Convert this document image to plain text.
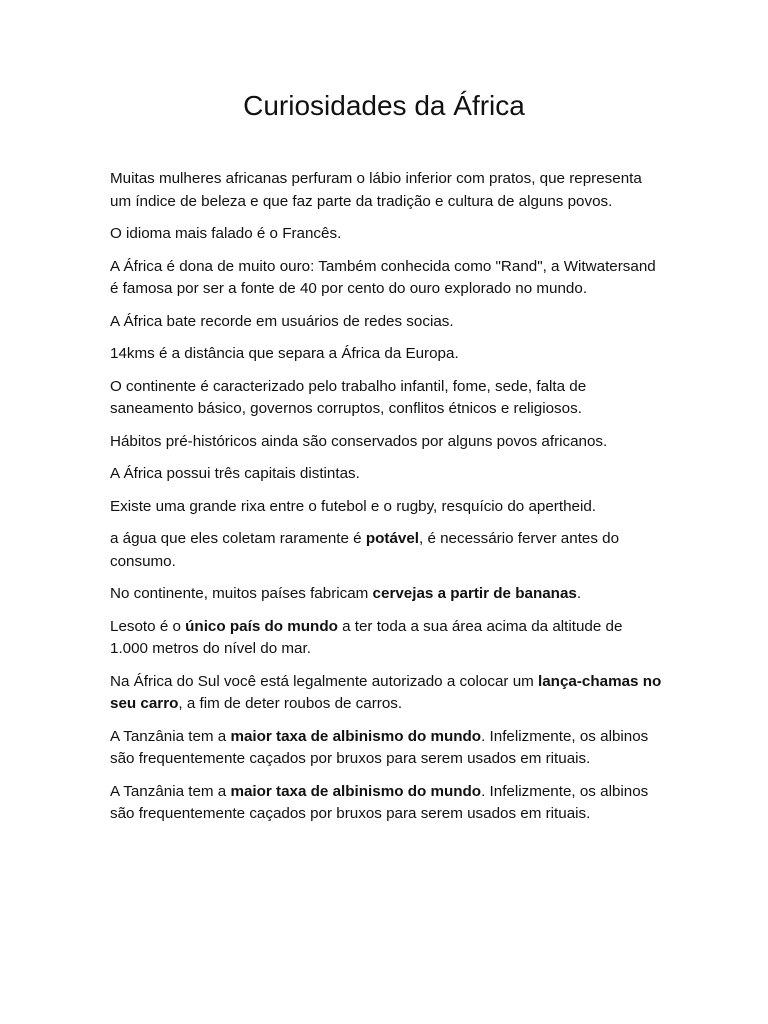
Curiosidades da África

Muitas mulheres africanas perfuram o lábio inferior com pratos, que representa um índice de beleza e que faz parte da tradição e cultura de alguns povos.

O idioma mais falado é o Francês.

A África é dona de muito ouro: Também conhecida como "Rand", a Witwatersand é famosa por ser a fonte de 40 por cento do ouro explorado no mundo.

A África bate recorde em usuários de redes socias.

14kms é a distância que separa a África da Europa.

O continente é caracterizado pelo trabalho infantil, fome, sede, falta de saneamento básico, governos corruptos, conflitos étnicos e religiosos.

Hábitos pré-históricos ainda são conservados por alguns povos africanos.

A África possui três capitais distintas.

Existe uma grande rixa entre o futebol e o rugby, resquício do apertheid.

a água que eles coletam raramente é potável, é necessário ferver antes do consumo.

No continente, muitos países fabricam cervejas a partir de bananas.

Lesoto é o único país do mundo a ter toda a sua área acima da altitude de 1.000 metros do nível do mar.

Na África do Sul você está legalmente autorizado a colocar um lança-chamas no seu carro, a fim de deter roubos de carros.

A Tanzânia tem a maior taxa de albinismo do mundo. Infelizmente, os albinos são frequentemente caçados por bruxos para serem usados em rituais.

A Tanzânia tem a maior taxa de albinismo do mundo. Infelizmente, os albinos são frequentemente caçados por bruxos para serem usados em rituais.
